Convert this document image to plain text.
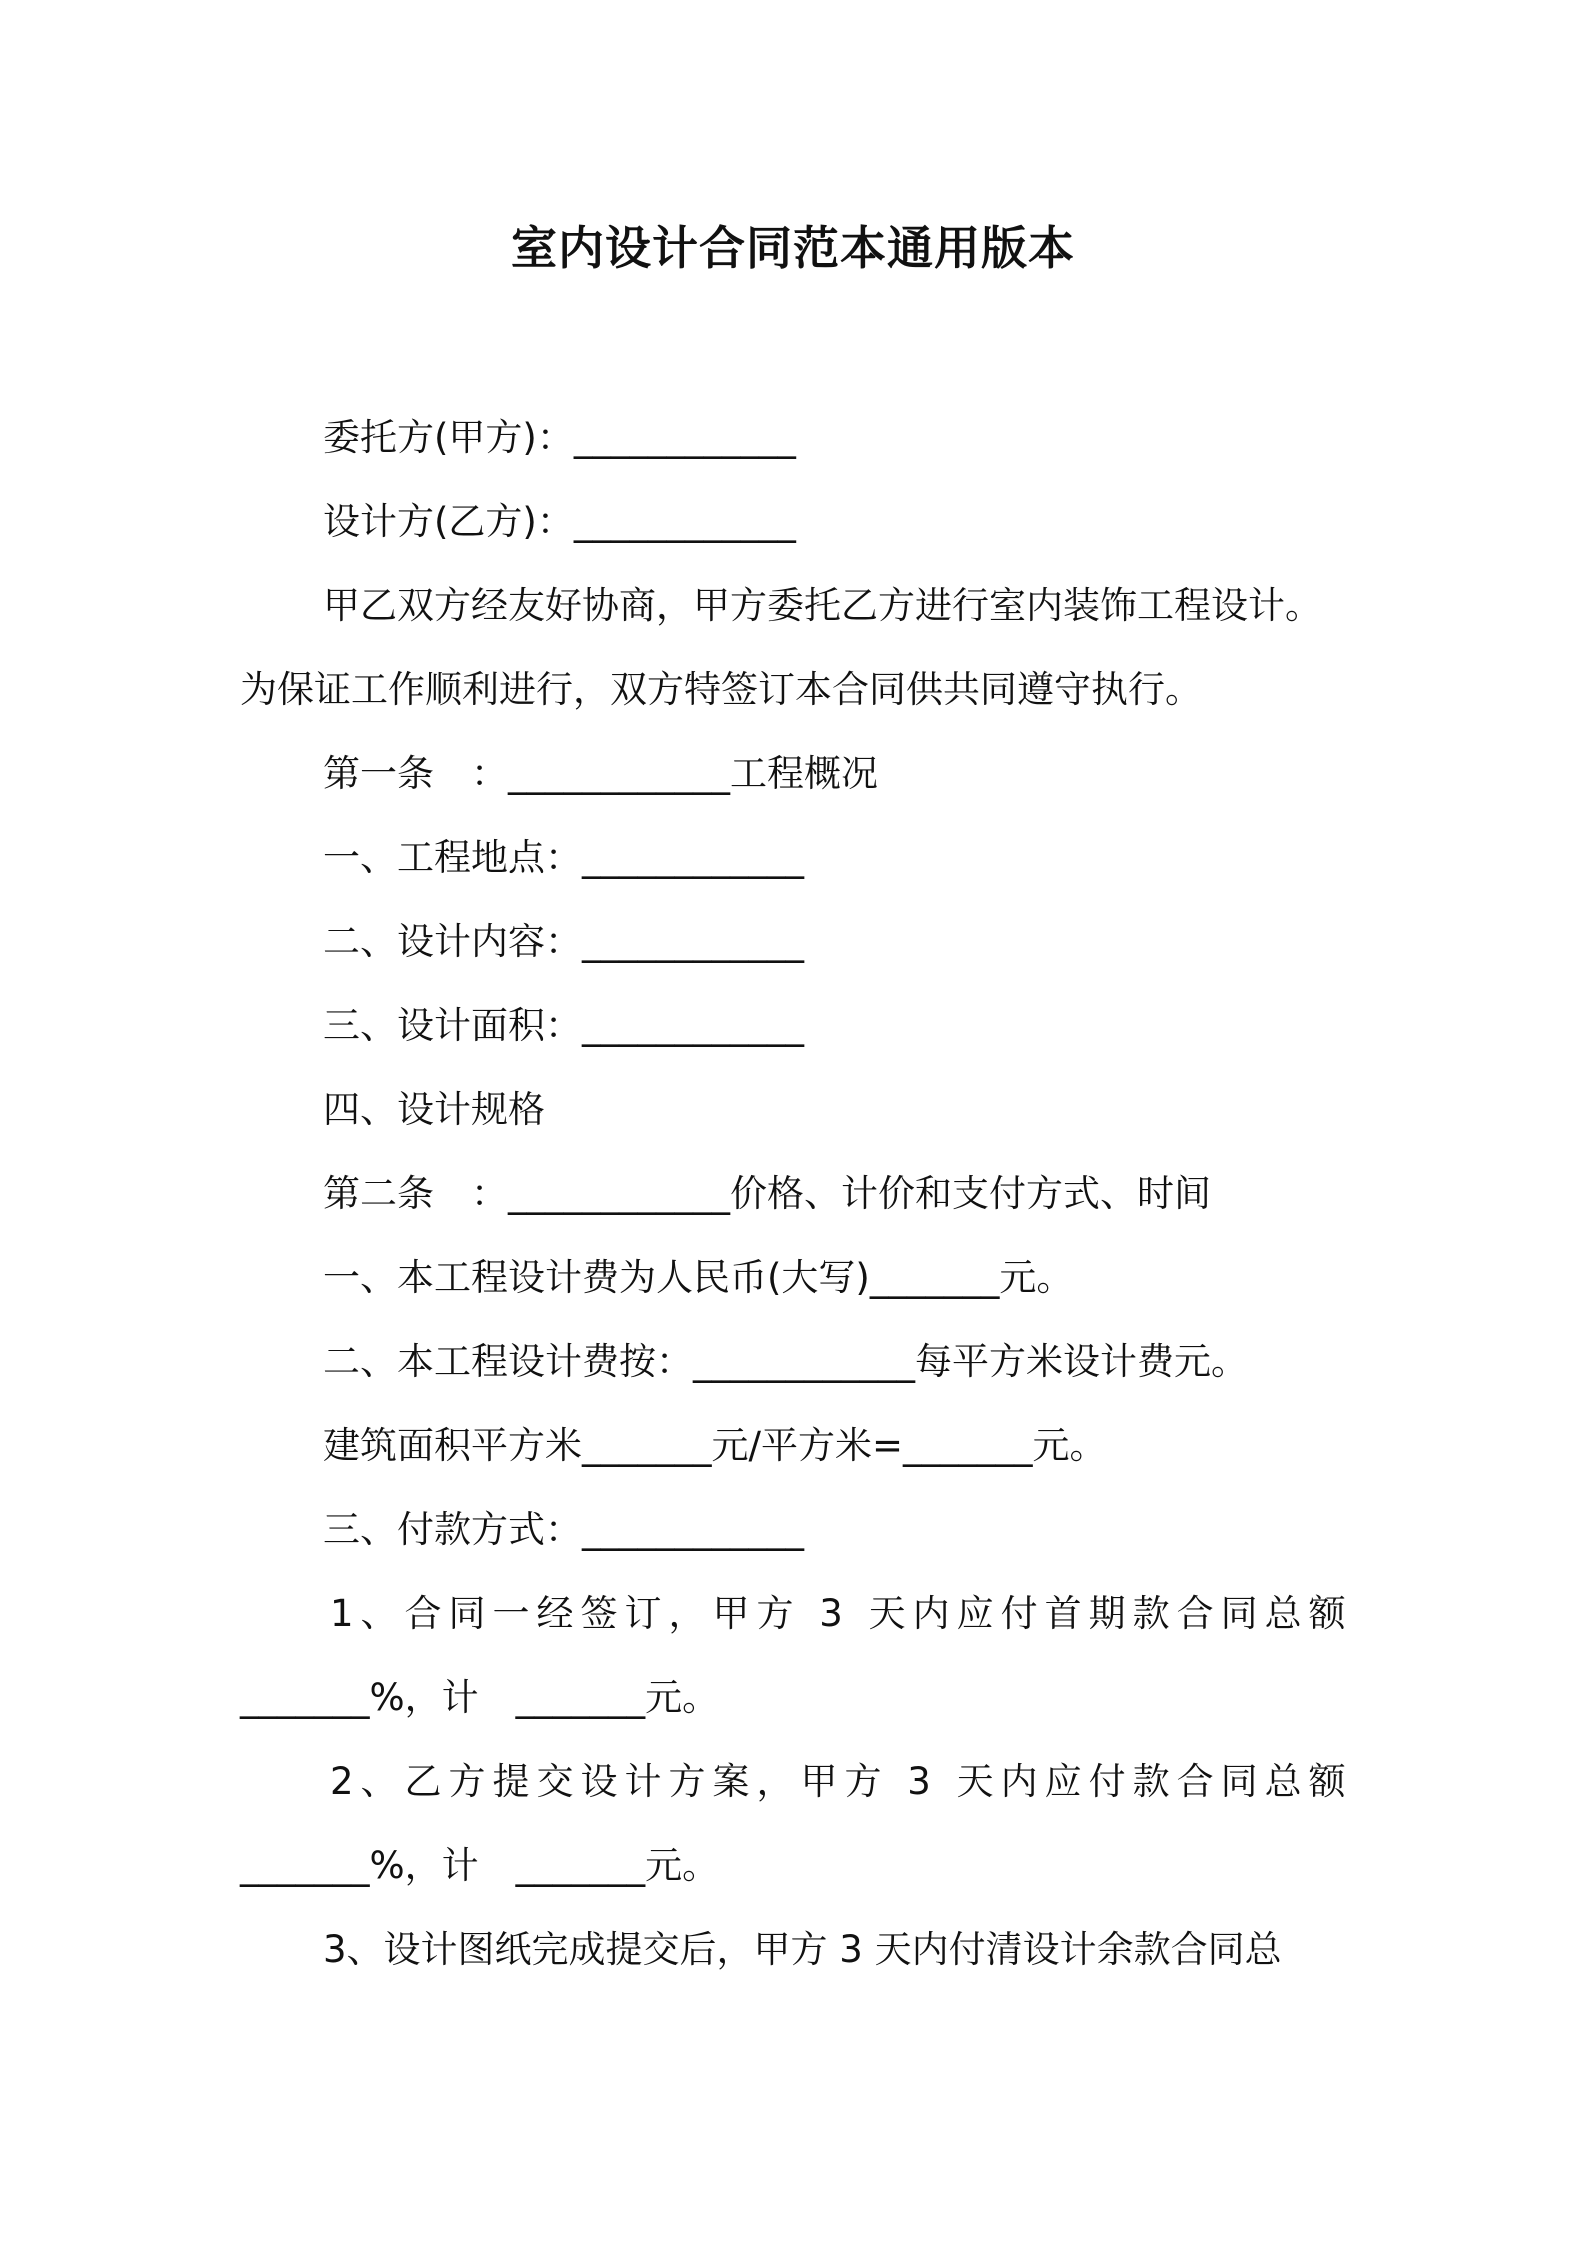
室内设计合同范本通用版本
委托方(甲方)：____________
设计方(乙方)：____________
甲乙双方经友好协商，甲方委托乙方进行室内装饰工程设计。
为保证工作顺利进行，双方特签订本合同供共同遵守执行。
第一条　：____________工程概况
一、工程地点：____________
二、设计内容：____________
三、设计面积：____________
四、设计规格
第二条　：____________价格、计价和支付方式、时间
一、本工程设计费为人民币(大写)_______元。
二、本工程设计费按：____________每平方米设计费元。
建筑面积平方米_______元/平方米=_______元。
三、付款方式：____________
1、合同一经签订，甲方 3 天内应付首期款合同总额
_______%，计　_______元。
2、乙方提交设计方案，甲方 3 天内应付款合同总额
_______%，计　_______元。
3、设计图纸完成提交后，甲方 3 天内付清设计余款合同总
